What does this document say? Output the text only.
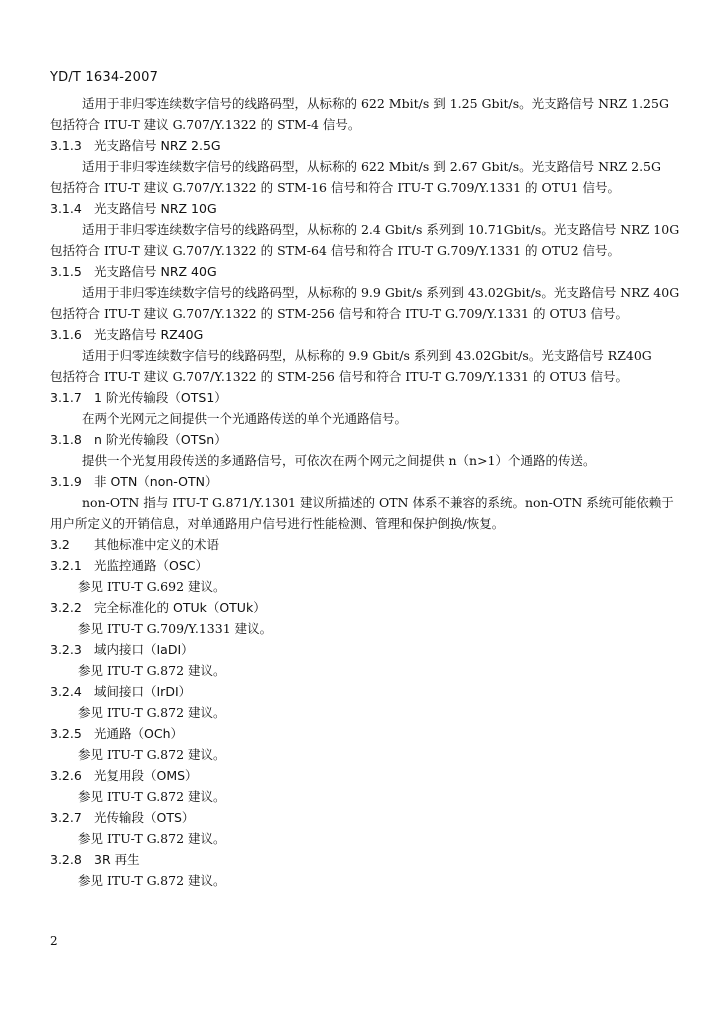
YD/T 1634-2007
适用于非归零连续数字信号的线路码型，从标称的 622 Mbit/s 到 1.25 Gbit/s。光支路信号 NRZ 1.25G
包括符合 ITU-T 建议 G.707/Y.1322 的 STM-4 信号。
3.1.3 光支路信号 NRZ 2.5G
适用于非归零连续数字信号的线路码型，从标称的 622 Mbit/s 到 2.67 Gbit/s。光支路信号 NRZ 2.5G
包括符合 ITU-T 建议 G.707/Y.1322 的 STM-16 信号和符合 ITU-T G.709/Y.1331 的 OTU1 信号。
3.1.4 光支路信号 NRZ 10G
适用于非归零连续数字信号的线路码型，从标称的 2.4 Gbit/s 系列到 10.71Gbit/s。光支路信号 NRZ 10G
包括符合 ITU-T 建议 G.707/Y.1322 的 STM-64 信号和符合 ITU-T G.709/Y.1331 的 OTU2 信号。
3.1.5 光支路信号 NRZ 40G
适用于非归零连续数字信号的线路码型，从标称的 9.9 Gbit/s 系列到 43.02Gbit/s。光支路信号 NRZ 40G
包括符合 ITU-T 建议 G.707/Y.1322 的 STM-256 信号和符合 ITU-T G.709/Y.1331 的 OTU3 信号。
3.1.6 光支路信号 RZ40G
适用于归零连续数字信号的线路码型，从标称的 9.9 Gbit/s 系列到 43.02Gbit/s。光支路信号 RZ40G
包括符合 ITU-T 建议 G.707/Y.1322 的 STM-256 信号和符合 ITU-T G.709/Y.1331 的 OTU3 信号。
3.1.7 1 阶光传输段（OTS1）
在两个光网元之间提供一个光通路传送的单个光通路信号。
3.1.8 n 阶光传输段（OTSn）
提供一个光复用段传送的多通路信号，可依次在两个网元之间提供 n（n>1）个通路的传送。
3.1.9 非 OTN（non-OTN）
non-OTN 指与 ITU-T G.871/Y.1301 建议所描述的 OTN 体系不兼容的系统。non-OTN 系统可能依赖于
用户所定义的开销信息，对单通路用户信号进行性能检测、管理和保护倒换/恢复。
3.2 其他标准中定义的术语
3.2.1 光监控通路（OSC）
参见 ITU-T G.692 建议。
3.2.2 完全标准化的 OTUk（OTUk）
参见 ITU-T G.709/Y.1331 建议。
3.2.3 域内接口（IaDI）
参见 ITU-T G.872 建议。
3.2.4 域间接口（IrDI）
参见 ITU-T G.872 建议。
3.2.5 光通路（OCh）
参见 ITU-T G.872 建议。
3.2.6 光复用段（OMS）
参见 ITU-T G.872 建议。
3.2.7 光传输段（OTS）
参见 ITU-T G.872 建议。
3.2.8 3R 再生
参见 ITU-T G.872 建议。
2
